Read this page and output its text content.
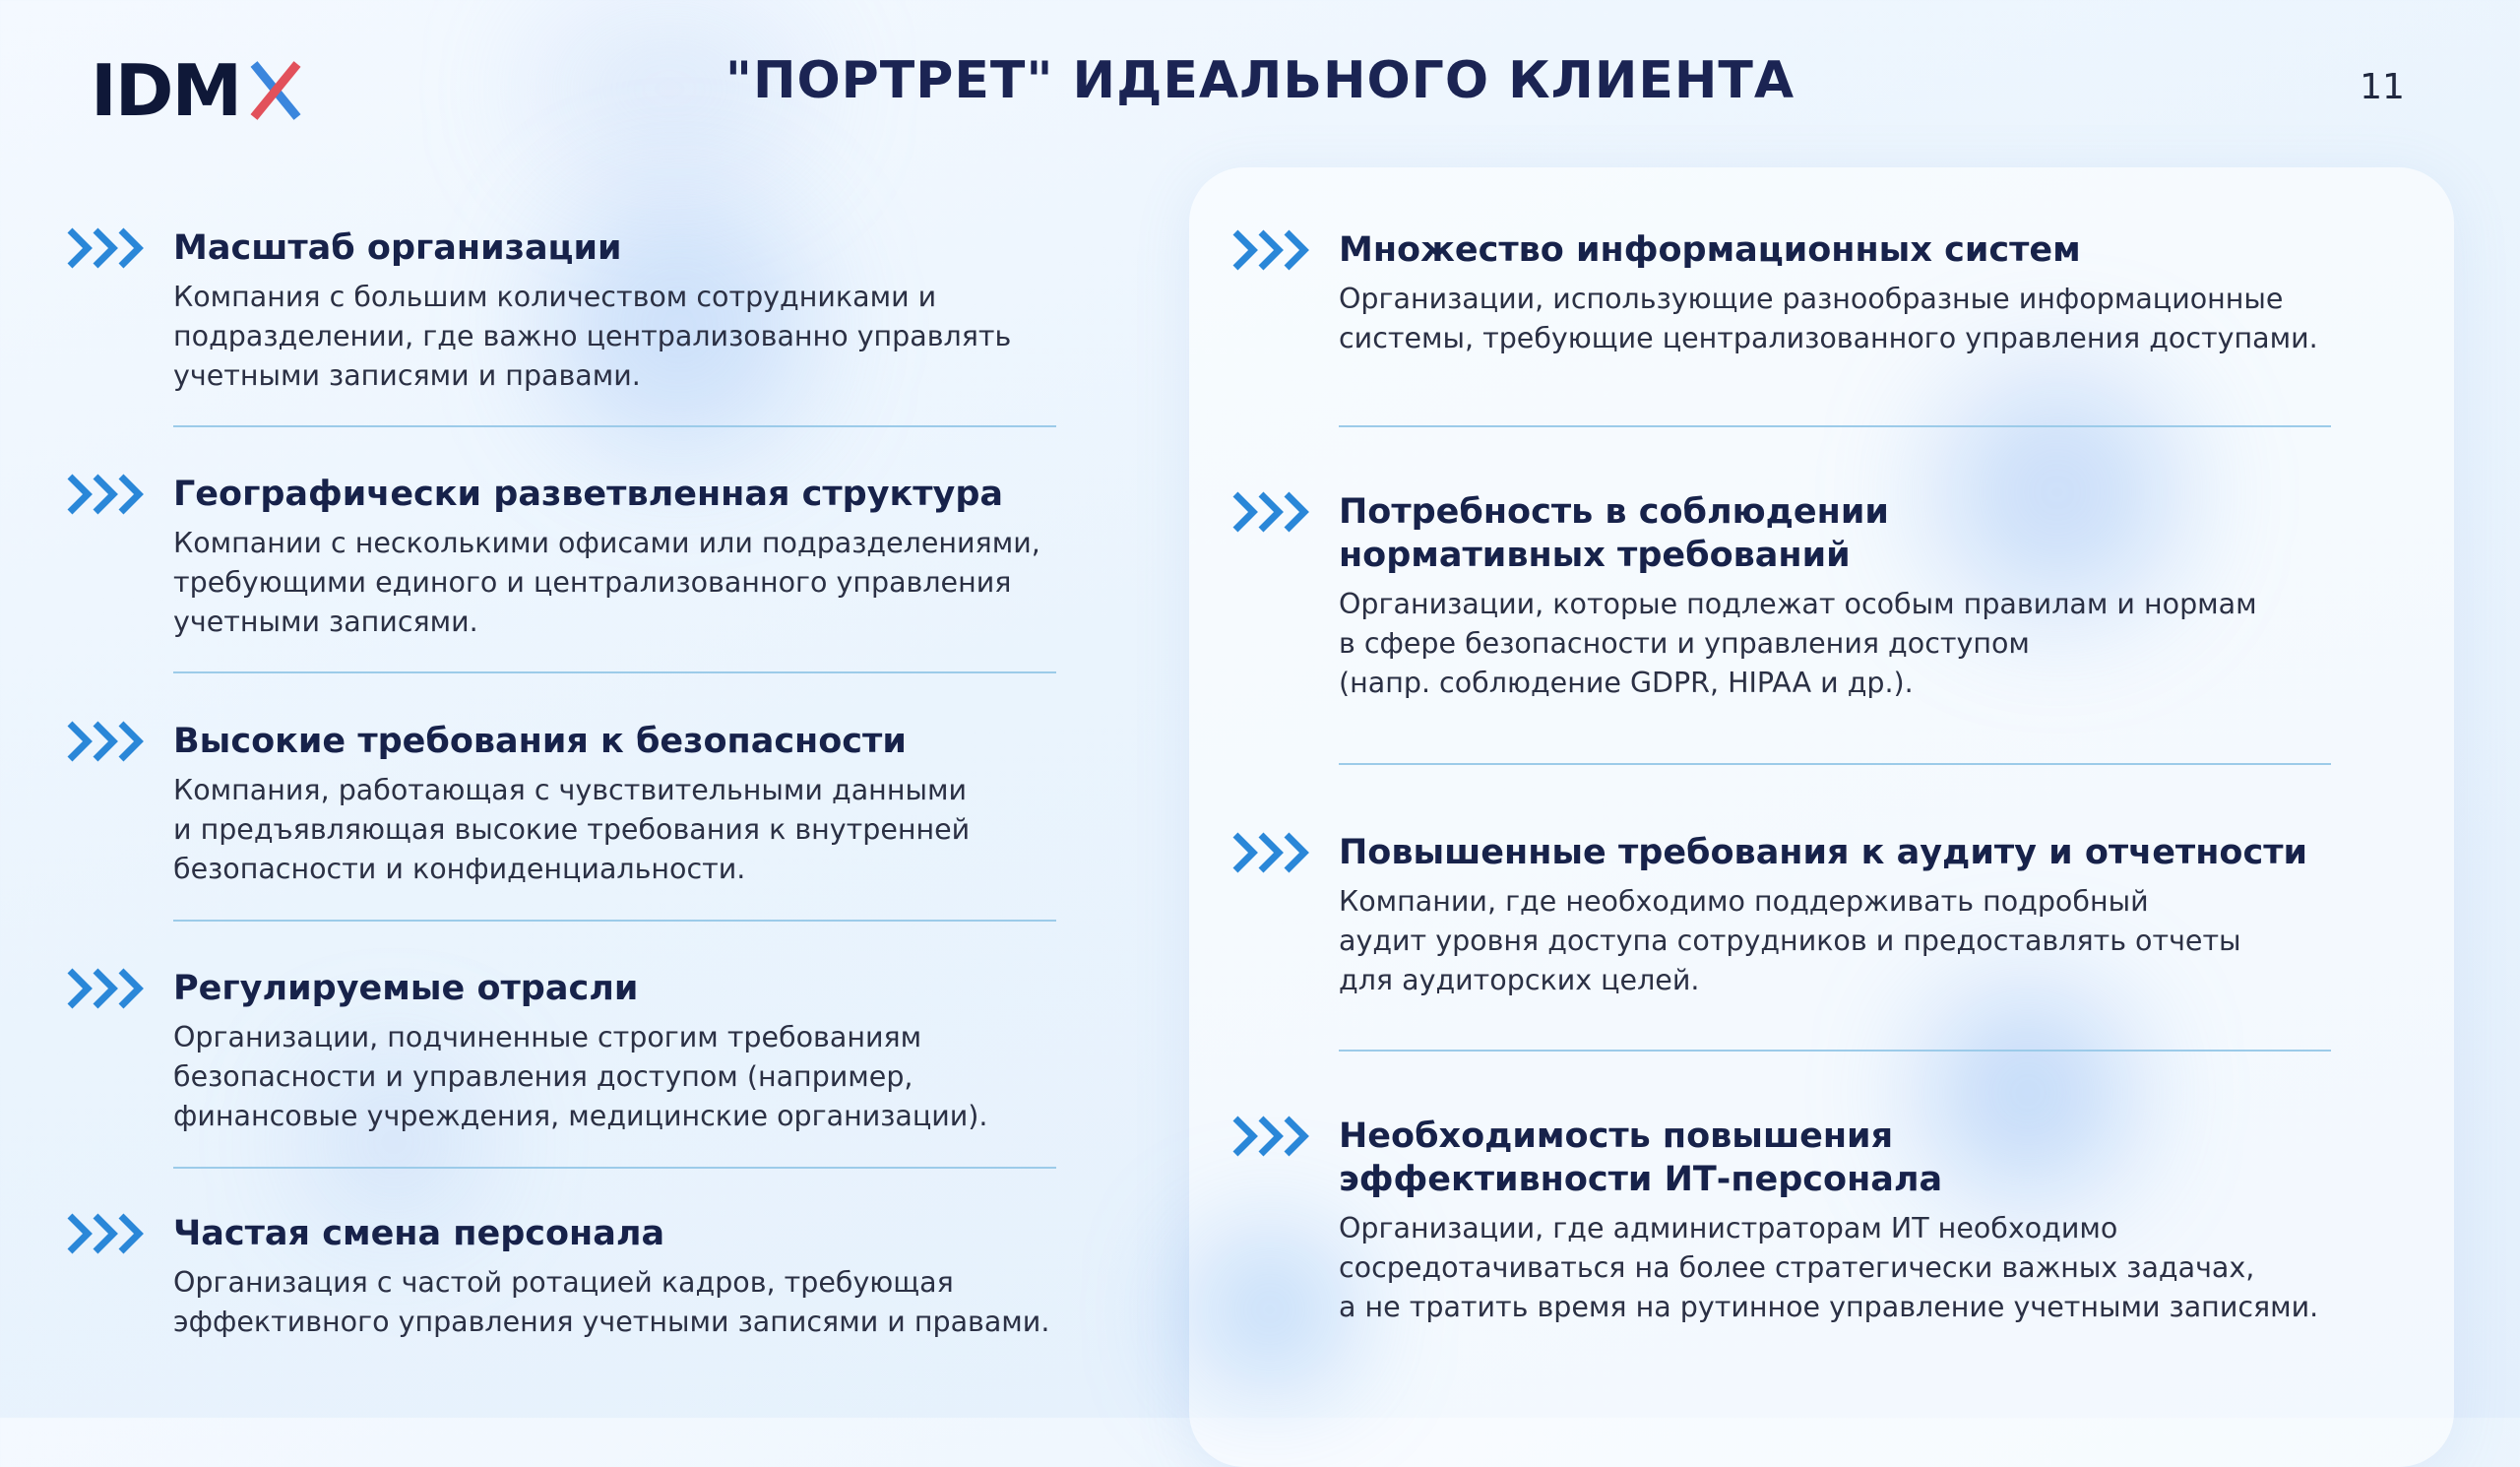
IDM	"ПОРТРЕТ" ИДЕАЛЬНОГО КЛИЕНТА	11
Масштаб организации

Компания с большим количеством сотрудниками и
подразделении, где важно централизованно управлять
учетными записями и правами.

Географически разветвленная структура

Компании с несколькими офисами или подразделениями,
требующими единого и централизованного управления
учетными записями.

Высокие требования к безопасности

Компания, работающая с чувствительными данными
и предъявляющая высокие требования к внутренней
безопасности и конфиденциальности.

Регулируемые отрасли

Организации, подчиненные строгим требованиям
безопасности и управления доступом (например,
финансовые учреждения, медицинские организации).

Частая смена персонала

Организация с частой ротацией кадров, требующая
эффективного управления учетными записями и правами.

Множество информационных систем

Организации, использующие разнообразные информационные
системы, требующие централизованного управления доступами.

Потребность в соблюдении
нормативных требований

Организации, которые подлежат особым правилам и нормам
в сфере безопасности и управления доступом
(напр. соблюдение GDPR, HIPAA и др.).

Повышенные требования к аудиту и отчетности

Компании, где необходимо поддерживать подробный
аудит уровня доступа сотрудников и предоставлять отчеты
для аудиторских целей.

Необходимость повышения
эффективности ИТ-персонала

Организации, где администраторам ИТ необходимо
сосредотачиваться на более стратегически важных задачах,
а не тратить время на рутинное управление учетными записями.
